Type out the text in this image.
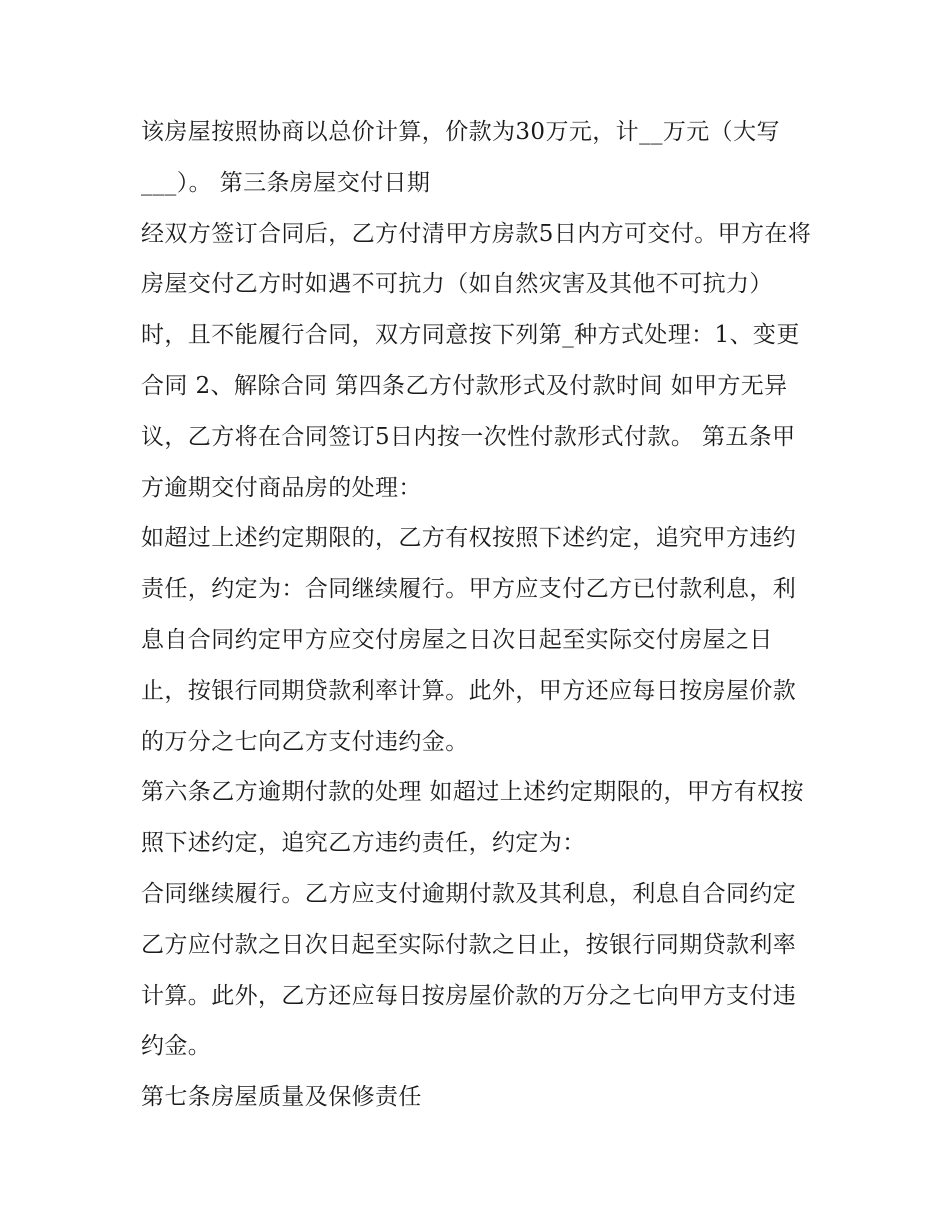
该房屋按照协商以总价计算，价款为30万元，计__万元（大写___）。 第三条房屋交付日期

经双方签订合同后，乙方付清甲方房款5日内方可交付。甲方在将房屋交付乙方时如遇不可抗力（如自然灾害及其他不可抗力）时，且不能履行合同，双方同意按下列第_种方式处理：1、变更合同 2、解除合同 第四条乙方付款形式及付款时间 如甲方无异议，乙方将在合同签订5日内按一次性付款形式付款。 第五条甲方逾期交付商品房的处理：

如超过上述约定期限的，乙方有权按照下述约定，追究甲方违约责任，约定为：合同继续履行。甲方应支付乙方已付款利息，利息自合同约定甲方应交付房屋之日次日起至实际交付房屋之日止，按银行同期贷款利率计算。此外，甲方还应每日按房屋价款的万分之七向乙方支付违约金。

第六条乙方逾期付款的处理 如超过上述约定期限的，甲方有权按照下述约定，追究乙方违约责任，约定为：

合同继续履行。乙方应支付逾期付款及其利息，利息自合同约定乙方应付款之日次日起至实际付款之日止，按银行同期贷款利率计算。此外，乙方还应每日按房屋价款的万分之七向甲方支付违约金。

第七条房屋质量及保修责任
